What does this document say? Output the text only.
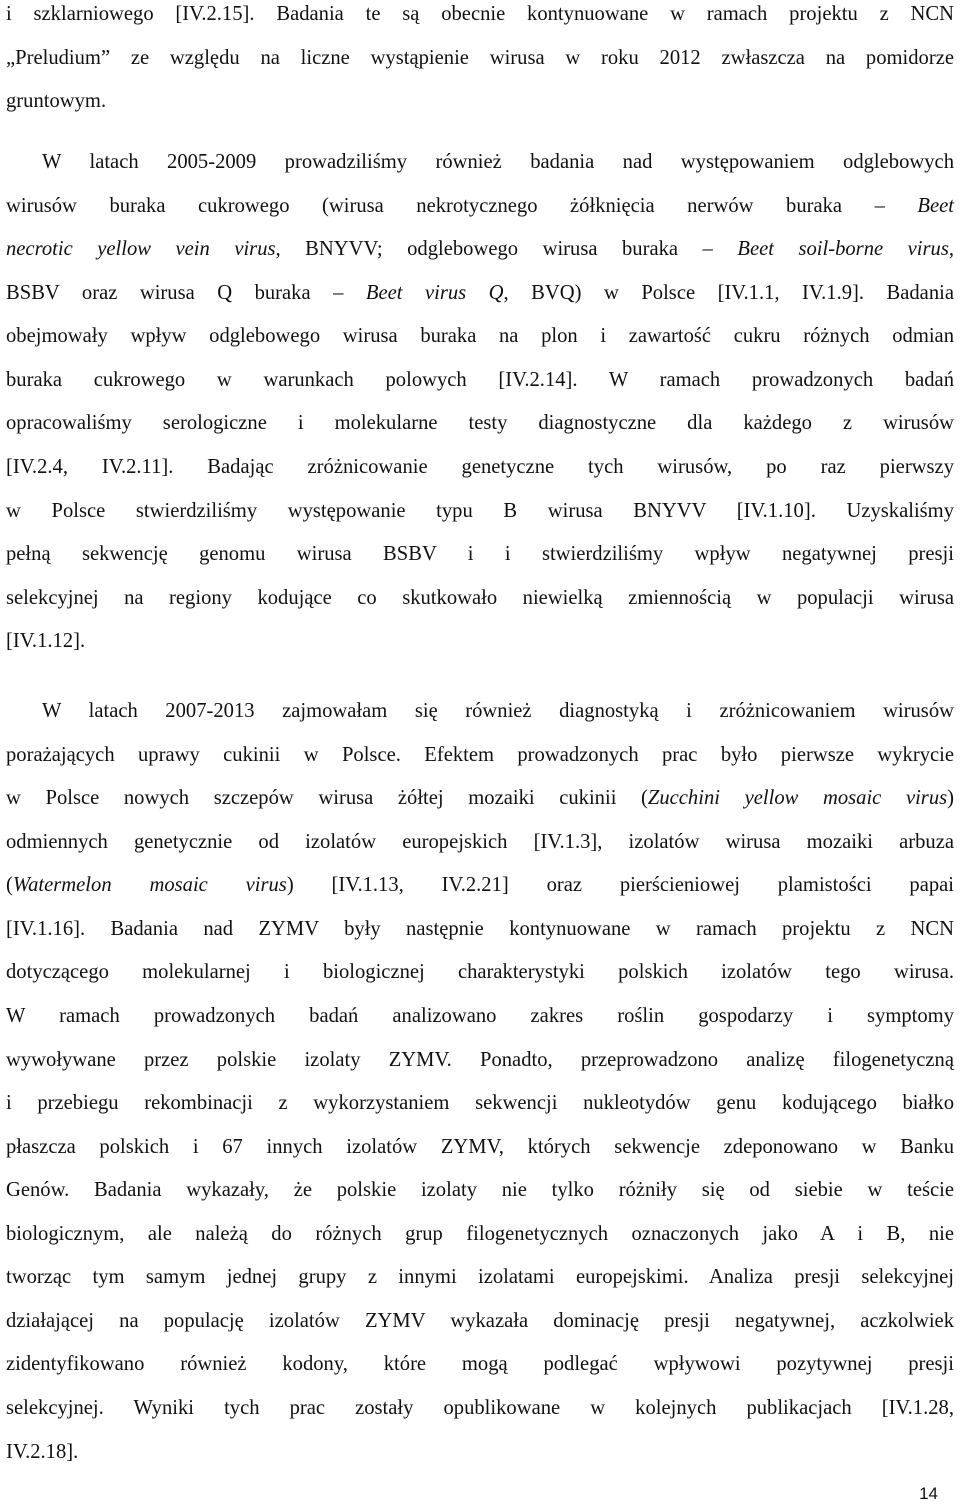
i szklarniowego [IV.2.15]. Badania te są obecnie kontynuowane w ramach projektu z NCN
„Preludium” ze względu na liczne wystąpienie wirusa w roku 2012 zwłaszcza na pomidorze
gruntowym.
W latach 2005-2009 prowadziliśmy również badania nad występowaniem odglebowych
wirusów buraka cukrowego (wirusa nekrotycznego żółknięcia nerwów buraka – Beet
necrotic yellow vein virus, BNYVV; odglebowego wirusa buraka – Beet soil-borne virus,
BSBV oraz wirusa Q buraka – Beet virus Q, BVQ) w Polsce [IV.1.1, IV.1.9]. Badania
obejmowały wpływ odglebowego wirusa buraka na plon i zawartość cukru różnych odmian
buraka cukrowego w warunkach polowych [IV.2.14]. W ramach prowadzonych badań
opracowaliśmy serologiczne i molekularne testy diagnostyczne dla każdego z wirusów
[IV.2.4, IV.2.11]. Badając zróżnicowanie genetyczne tych wirusów, po raz pierwszy
w Polsce stwierdziliśmy występowanie typu B wirusa BNYVV [IV.1.10]. Uzyskaliśmy
pełną sekwencję genomu wirusa BSBV i i stwierdziliśmy wpływ negatywnej presji
selekcyjnej na regiony kodujące co skutkowało niewielką zmiennością w populacji wirusa
[IV.1.12].
W latach 2007-2013 zajmowałam się również diagnostyką i zróżnicowaniem wirusów
porażających uprawy cukinii w Polsce. Efektem prowadzonych prac było pierwsze wykrycie
w Polsce nowych szczepów wirusa żółtej mozaiki cukinii (Zucchini yellow mosaic virus)
odmiennych genetycznie od izolatów europejskich [IV.1.3], izolatów wirusa mozaiki arbuza
(Watermelon mosaic virus) [IV.1.13, IV.2.21] oraz pierścieniowej plamistości papai
[IV.1.16]. Badania nad ZYMV były następnie kontynuowane w ramach projektu z NCN
dotyczącego molekularnej i biologicznej charakterystyki polskich izolatów tego wirusa.
W ramach prowadzonych badań analizowano zakres roślin gospodarzy i symptomy
wywoływane przez polskie izolaty ZYMV. Ponadto, przeprowadzono analizę filogenetyczną
i przebiegu rekombinacji z wykorzystaniem sekwencji nukleotydów genu kodującego białko
płaszcza polskich i 67 innych izolatów ZYMV, których sekwencje zdeponowano w Banku
Genów. Badania wykazały, że polskie izolaty nie tylko różniły się od siebie w teście
biologicznym, ale należą do różnych grup filogenetycznych oznaczonych jako A i B, nie
tworząc tym samym jednej grupy z innymi izolatami europejskimi. Analiza presji selekcyjnej
działającej na populację izolatów ZYMV wykazała dominację presji negatywnej, aczkolwiek
zidentyfikowano również kodony, które mogą podlegać wpływowi pozytywnej presji
selekcyjnej. Wyniki tych prac zostały opublikowane w kolejnych publikacjach [IV.1.28,
IV.2.18].
14
